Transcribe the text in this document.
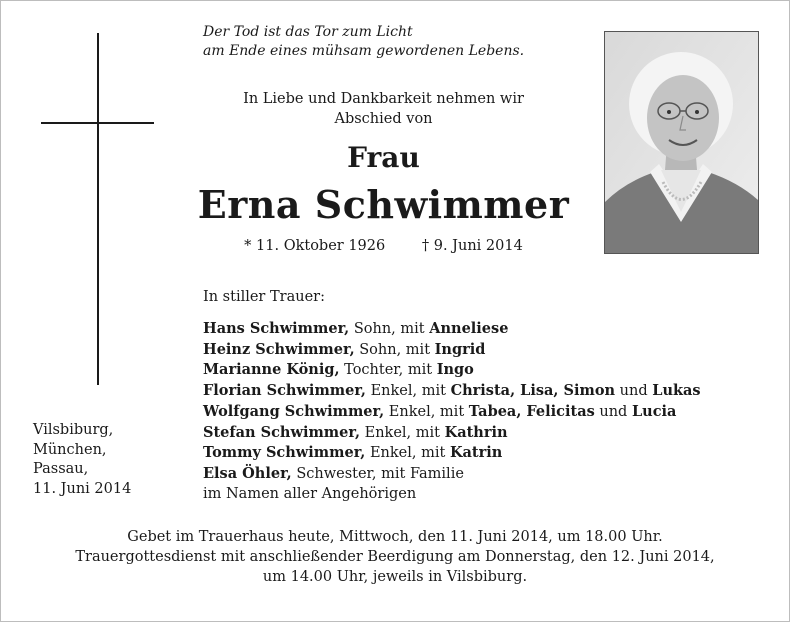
Der Tod ist das Tor zum Licht
am Ende eines mühsam gewordenen Lebens.
In Liebe und Dankbarkeit nehmen wir
Abschied von
Frau
Erna Schwimmer
* 11. Oktober 1926	† 9. Juni 2014
In stiller Trauer:
Hans Schwimmer, Sohn, mit Anneliese
Heinz Schwimmer, Sohn, mit Ingrid
Marianne König, Tochter, mit Ingo
Florian Schwimmer, Enkel, mit Christa, Lisa, Simon und Lukas
Wolfgang Schwimmer, Enkel, mit Tabea, Felicitas und Lucia
Stefan Schwimmer, Enkel, mit Kathrin
Tommy Schwimmer, Enkel, mit Katrin
Elsa Öhler, Schwester, mit Familie
im Namen aller Angehörigen
Vilsbiburg,
München,
Passau,
11. Juni 2014
Gebet im Trauerhaus heute, Mittwoch, den 11. Juni 2014, um 18.00 Uhr.
Trauergottesdienst mit anschließender Beerdigung am Donnerstag, den 12. Juni 2014,
um 14.00 Uhr, jeweils in Vilsbiburg.
